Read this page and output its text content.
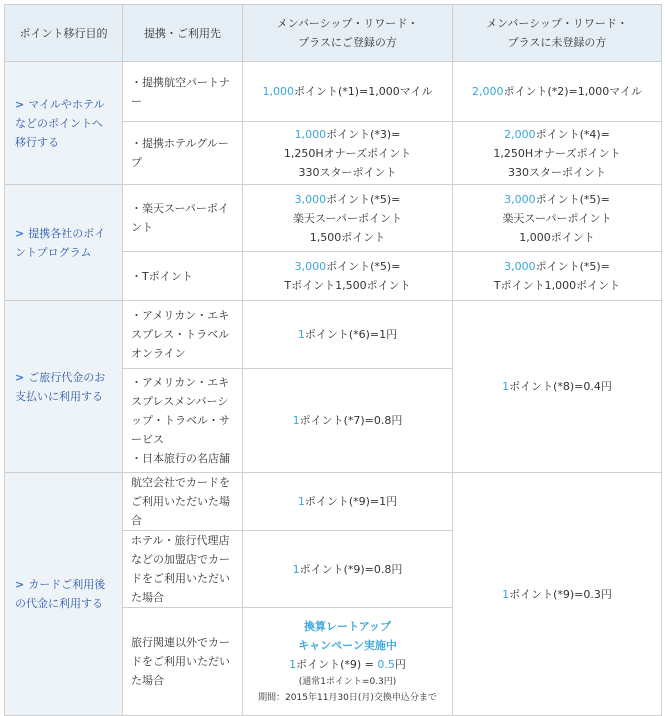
ポイント移行目的	提携・ご利用先	メンバーシップ・リワード・
プラスにご登録の方	メンバーシップ・リワード・
プラスに未登録の方
> マイルやホテルなどのポイントへ移行する	・提携航空パートナー	1,000ポイント(*1)=1,000マイル	2,000ポイント(*2)=1,000マイル
	・提携ホテルグループ	1,000ポイント(*3)=
1,250Hオナーズポイント
330スターポイント	2,000ポイント(*4)=
1,250Hオナーズポイント
330スターポイント

> 提携各社のポイントプログラム	・楽天スーパーポイント	3,000ポイント(*5)=
楽天スーパーポイント
1,500ポイント	3,000ポイント(*5)=
楽天スーパーポイント
1,000ポイント

	・Tポイント	3,000ポイント(*5)=
Tポイント1,500ポイント	3,000ポイント(*5)=
Tポイント1,000ポイント

> ご旅行代金のお支払いに利用する	・アメリカン・エキスプレス・トラベル オンライン	1ポイント(*6)=1円	1ポイント(*8)=0.4円

	・アメリカン・エキスプレスメンバーシップ・トラベル・サービス
・日本旅行の名店舗	1ポイント(*7)=0.8円	
> カードご利用後の代金に利用する	航空会社でカードをご利用いただいた場合	1ポイント(*9)=1円	1ポイント(*9)=0.3円
	ホテル・旅行代理店などの加盟店でカードをご利用いただいた場合	1ポイント(*9)=0.8円	
	旅行関連以外でカードをご利用いただいた場合	換算レートアップ
キャンペーン実施中
1ポイント(*9) = 0.5円
(通常1ポイント=0.3円)
期間：2015年11月30日(月)交換申込分まで	
